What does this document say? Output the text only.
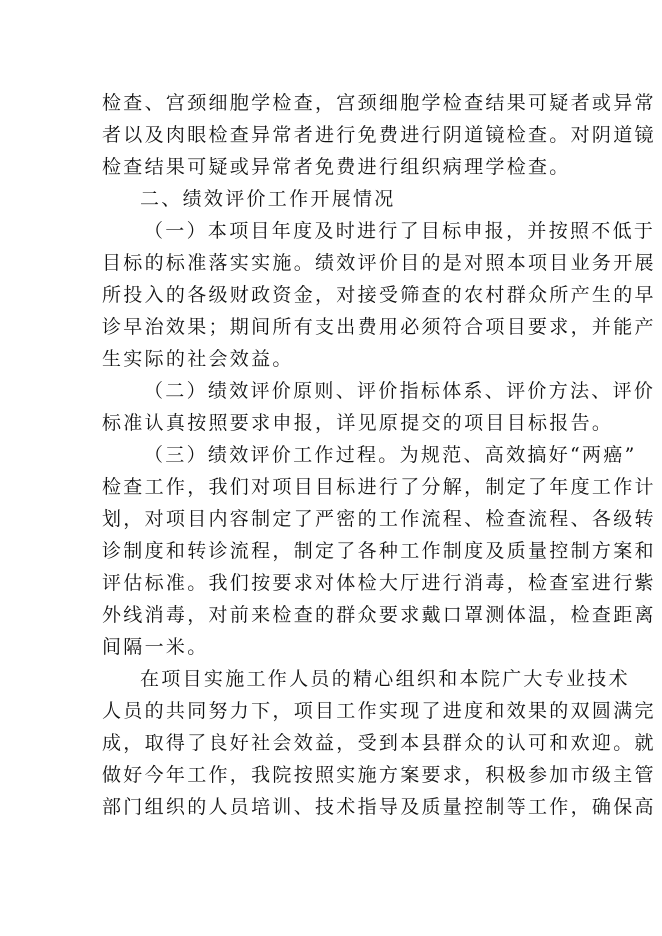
检查、宫颈细胞学检查，宫颈细胞学检查结果可疑者或异常

者以及肉眼检查异常者进行免费进行阴道镜检查。对阴道镜

检查结果可疑或异常者免费进行组织病理学检查。

二、绩效评价工作开展情况

（一）本项目年度及时进行了目标申报，并按照不低于

目标的标准落实实施。绩效评价目的是对照本项目业务开展

所投入的各级财政资金，对接受筛查的农村群众所产生的早

诊早治效果；期间所有支出费用必须符合项目要求，并能产

生实际的社会效益。

（二）绩效评价原则、评价指标体系、评价方法、评价

标准认真按照要求申报，详见原提交的项目目标报告。

（三）绩效评价工作过程。为规范、高效搞好“两癌”

检查工作，我们对项目目标进行了分解，制定了年度工作计

划，对项目内容制定了严密的工作流程、检查流程、各级转

诊制度和转诊流程，制定了各种工作制度及质量控制方案和

评估标准。我们按要求对体检大厅进行消毒，检查室进行紫

外线消毒，对前来检查的群众要求戴口罩测体温，检查距离

间隔一米。

在项目实施工作人员的精心组织和本院广大专业技术

人员的共同努力下，项目工作实现了进度和效果的双圆满完

成，取得了良好社会效益，受到本县群众的认可和欢迎。就

做好今年工作，我院按照实施方案要求，积极参加市级主管

部门组织的人员培训、技术指导及质量控制等工作，确保高
